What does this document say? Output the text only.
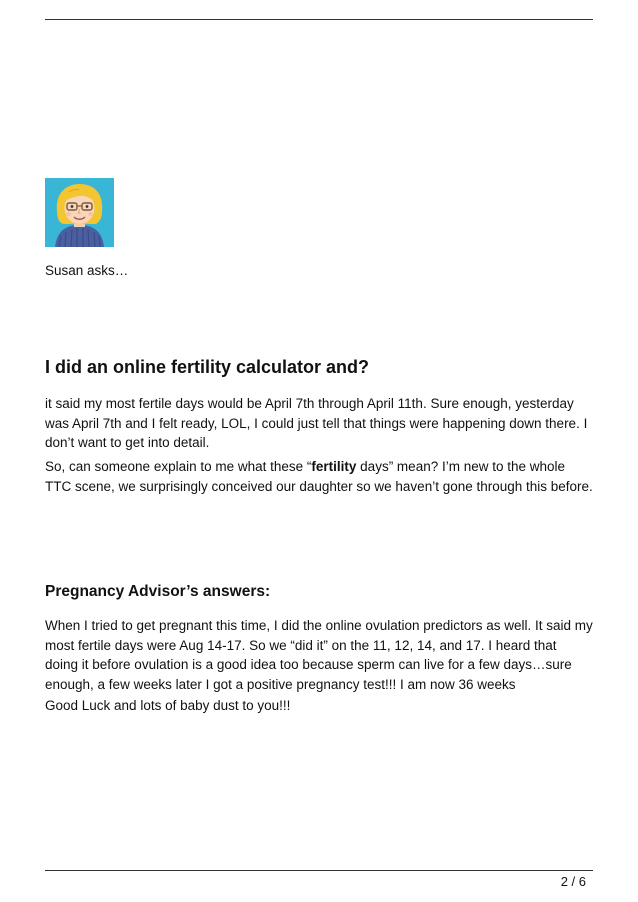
Susan asks…
I did an online fertility calculator and?

it said my most fertile days would be April 7th through April 11th. Sure enough, yesterday was April 7th and I felt ready, LOL, I could just tell that things were happening down there. I don’t want to get into detail.

So, can someone explain to me what these “fertility days” mean? I’m new to the whole TTC scene, we surprisingly conceived our daughter so we haven’t gone through this before.

Pregnancy Advisor’s answers:

When I tried to get pregnant this time, I did the online ovulation predictors as well. It said my most fertile days were Aug 14-17. So we “did it” on the 11, 12, 14, and 17. I heard that doing it before ovulation is a good idea too because sperm can live for a few days…sure enough, a few weeks later I got a positive pregnancy test!!! I am now 36 weeks

Good Luck and lots of baby dust to you!!!

2 / 6
